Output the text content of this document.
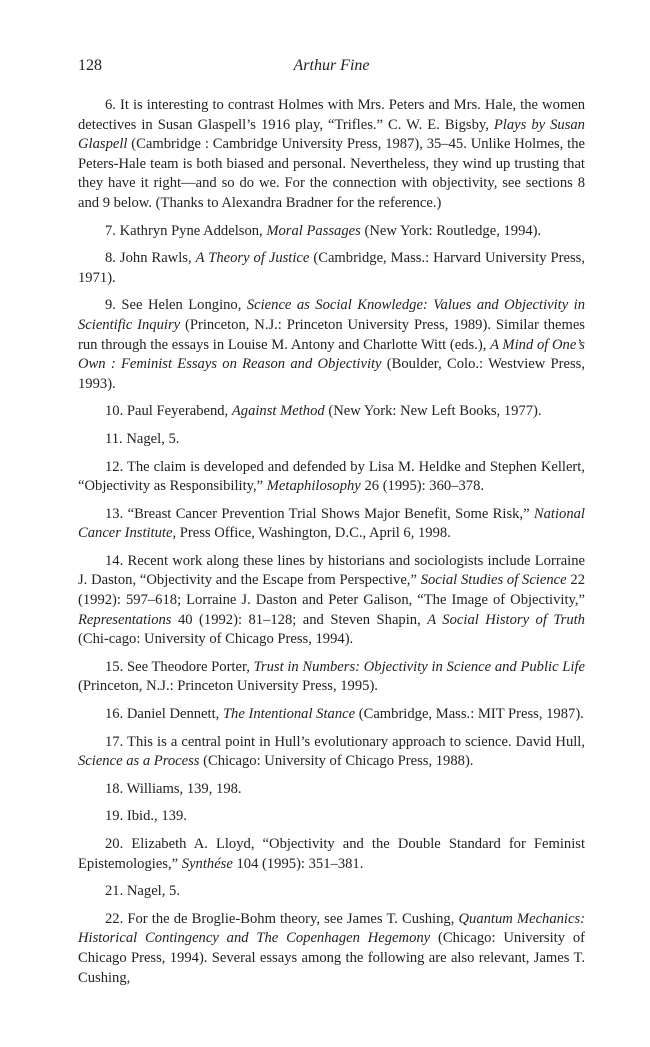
128	Arthur Fine

6. It is interesting to contrast Holmes with Mrs. Peters and Mrs. Hale, the women detectives in Susan Glaspell’s 1916 play, “Trifles.” C. W. E. Bigsby, Plays by Susan Glaspell (Cambridge : Cambridge University Press, 1987), 35–45. Unlike Holmes, the Peters-Hale team is both biased and personal. Nevertheless, they wind up trusting that they have it right—and so do we. For the connection with objectivity, see sections 8 and 9 below. (Thanks to Alexandra Bradner for the reference.)

7. Kathryn Pyne Addelson, Moral Passages (New York: Routledge, 1994).

8. John Rawls, A Theory of Justice (Cambridge, Mass.: Harvard University Press, 1971).

9. See Helen Longino, Science as Social Knowledge: Values and Objectivity in Scientific Inquiry (Princeton, N.J.: Princeton University Press, 1989). Similar themes run through the essays in Louise M. Antony and Charlotte Witt (eds.), A Mind of One’s Own : Feminist Essays on Reason and Objectivity (Boulder, Colo.: Westview Press, 1993).

10. Paul Feyerabend, Against Method (New York: New Left Books, 1977).

11. Nagel, 5.

12. The claim is developed and defended by Lisa M. Heldke and Stephen Kellert, “Objectivity as Responsibility,” Metaphilosophy 26 (1995): 360–378.

13. “Breast Cancer Prevention Trial Shows Major Benefit, Some Risk,” National Cancer Institute, Press Office, Washington, D.C., April 6, 1998.

14. Recent work along these lines by historians and sociologists include Lorraine J. Daston, “Objectivity and the Escape from Perspective,” Social Studies of Science 22 (1992): 597–618; Lorraine J. Daston and Peter Galison, “The Image of Objectivity,” Representations 40 (1992): 81–128; and Steven Shapin, A Social History of Truth (Chi-cago: University of Chicago Press, 1994).

15. See Theodore Porter, Trust in Numbers: Objectivity in Science and Public Life (Princeton, N.J.: Princeton University Press, 1995).

16. Daniel Dennett, The Intentional Stance (Cambridge, Mass.: MIT Press, 1987).

17. This is a central point in Hull’s evolutionary approach to science. David Hull, Science as a Process (Chicago: University of Chicago Press, 1988).

18. Williams, 139, 198.

19. Ibid., 139.

20. Elizabeth A. Lloyd, “Objectivity and the Double Standard for Feminist Epistemologies,” Synthése 104 (1995): 351–381.

21. Nagel, 5.

22. For the de Broglie-Bohm theory, see James T. Cushing, Quantum Mechanics: Historical Contingency and The Copenhagen Hegemony (Chicago: University of Chicago Press, 1994). Several essays among the following are also relevant, James T. Cushing,
